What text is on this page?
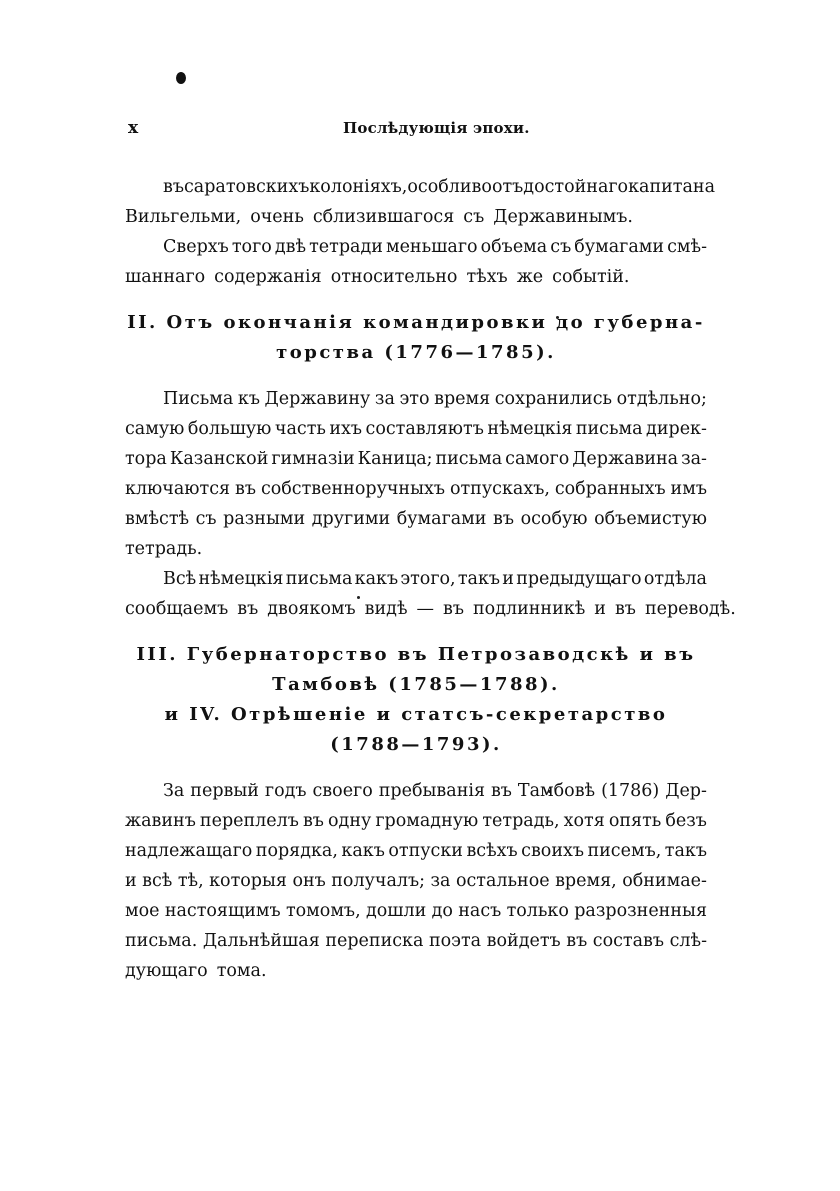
x	Послѣдующія эпохи.
въ саратовскихъ колоніяхъ, особливо отъ достойнаго капитана
Вильгельми, очень сблизившагося съ Державинымъ.
Сверхъ того двѣ тетради меньшаго объема съ бумагами смѣ-
шаннаго содержанія относительно тѣхъ же событій.
II. Отъ окончанія командировки до губерна-
торства (1776—1785).
Письма къ Державину за это время сохранились отдѣльно;
самую большую часть ихъ составляютъ нѣмецкія письма дирек-
тора Казанской гимназіи Каница; письма самого Державина за-
ключаются въ собственноручныхъ отпускахъ, собранныхъ имъ
вмѣстѣ съ разными другими бумагами въ особую объемистую
тетрадь.
Всѣ нѣмецкія письма какъ этого, такъ и предыдущаго отдѣла
сообщаемъ въ двоякомъ видѣ — въ подлинникѣ и въ переводѣ.
III. Губернаторство въ Петрозаводскѣ и въ
Тамбовѣ (1785—1788).
и IV. Отрѣшеніе и статсъ-секретарство
(1788—1793).
За первый годъ своего пребыванія въ Тамбовѣ (1786) Дер-
жавинъ переплелъ въ одну громадную тетрадь, хотя опять безъ
надлежащаго порядка, какъ отпуски всѣхъ своихъ писемъ, такъ
и всѣ тѣ, которыя онъ получалъ; за остальное время, обнимае-
мое настоящимъ томомъ, дошли до насъ только разрозненныя
письма. Дальнѣйшая переписка поэта войдетъ въ составъ слѣ-
дующаго тома.
